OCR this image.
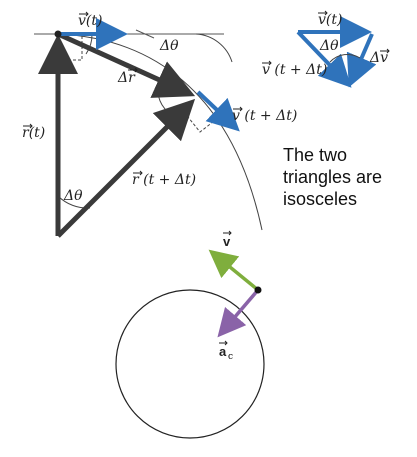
v(t)
Δθ
Δr
r(t)
Δθ
r (t + Δt)
v (t + Δt)
v(t)
Δθ
Δv
v (t + Δt)
v
a c
The two triangles are isosceles
